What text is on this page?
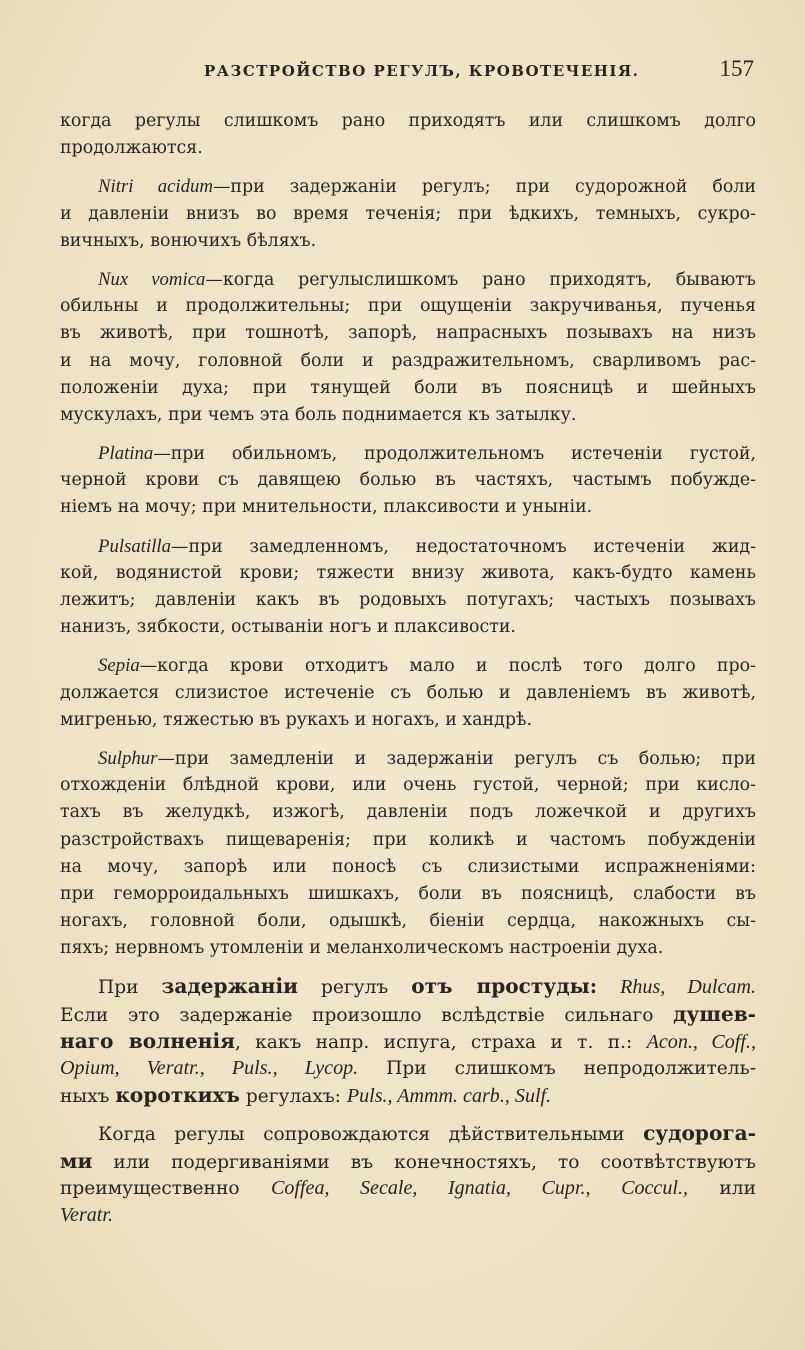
РАЗСТРОЙСТВО РЕГУЛЪ, КРОВОТЕЧЕНІЯ.	157
когда регулы слишкомъ рано приходятъ или слишкомъ долго
продолжаются.
Nitri acidum—при задержаніи регулъ; при судорожной боли
и давленіи внизъ во время теченія; при ѣдкихъ, темныхъ, сукро-
вичныхъ, вонючихъ бѣляхъ.
Nux vomica—когда регулыслишкомъ рано приходятъ, бываютъ
обильны и продолжительны; при ощущеніи закручиванья, пученья
въ животѣ, при тошнотѣ, запорѣ, напрасныхъ позывахъ на низъ
и на мочу, головной боли и раздражительномъ, сварливомъ рас-
положеніи духа; при тянущей боли въ поясницѣ и шейныхъ
мускулахъ, при чемъ эта боль поднимается къ затылку.
Platina—при обильномъ, продолжительномъ истеченіи густой,
черной крови съ давящею болью въ частяхъ, частымъ побужде-
ніемъ на мочу; при мнительности, плаксивости и уныніи.
Pulsatilla—при замедленномъ, недостаточномъ истеченіи жид-
кой, водянистой крови; тяжести внизу живота, какъ-будто камень
лежитъ; давленіи какъ въ родовыхъ потугахъ; частыхъ позывахъ
нанизъ, зябкости, остываніи ногъ и плаксивости.
Sepia—когда крови отходитъ мало и послѣ того долго про-
должается слизистое истеченіе съ болью и давленіемъ въ животѣ,
мигренью, тяжестью въ рукахъ и ногахъ, и хандрѣ.
Sulphur—при замедленіи и задержаніи регулъ съ болью; при
отхожденіи блѣдной крови, или очень густой, черной; при кисло-
тахъ въ желудкѣ, изжогѣ, давленіи подъ ложечкой и другихъ
разстройствахъ пищеваренія; при коликѣ и частомъ побужденіи
на мочу, запорѣ или поносѣ съ слизистыми испражненіями:
при геморроидальныхъ шишкахъ, боли въ поясницѣ, слабости въ
ногахъ, головной боли, одышкѣ, біеніи сердца, накожныхъ сы-
пяхъ; нервномъ утомленіи и меланхолическомъ настроеніи духа.
При задержаніи регулъ отъ простуды: Rhus, Dulcam.
Если это задержаніе произошло вслѣдствіе сильнаго душев-
наго волненія, какъ напр. испуга, страха и т. п.: Acon., Coff.,
Opium, Veratr., Puls., Lycop. При слишкомъ непродолжитель-
ныхъ короткихъ регулахъ: Puls., Ammm. carb., Sulf.
Когда регулы сопровождаются дѣйствительными судорога-
ми или подергиваніями въ конечностяхъ, то соотвѣтствуютъ
преимущественно Coffea, Secale, Ignatia, Cupr., Coccul., или
Veratr.
